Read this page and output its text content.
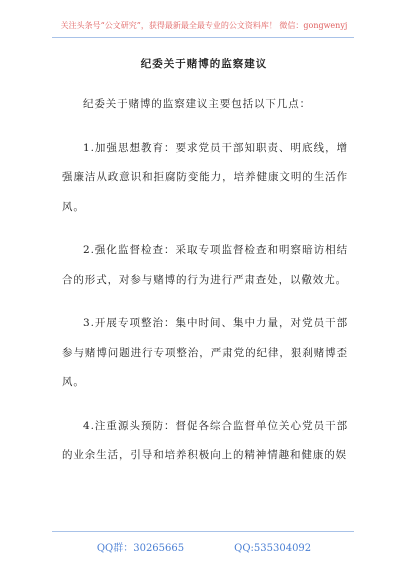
关注头条号“公文研究”，获得最新最全最专业的公文资料库！ 微信：gongwenyj
纪委关于赌博的监察建议

纪委关于赌博的监察建议主要包括以下几点：

1.加强思想教育：要求党员干部知职责、明底线，增强廉洁从政意识和拒腐防变能力，培养健康文明的生活作风。

2.强化监督检查：采取专项监督检查和明察暗访相结合的形式，对参与赌博的行为进行严肃查处，以儆效尤。

3.开展专项整治：集中时间、集中力量，对党员干部参与赌博问题进行专项整治，严肃党的纪律，狠刹赌博歪风。

4.注重源头预防：督促各综合监督单位关心党员干部的业余生活，引导和培养积极向上的精神情趣和健康的娱

QQ群：30265665	QQ:535304092
